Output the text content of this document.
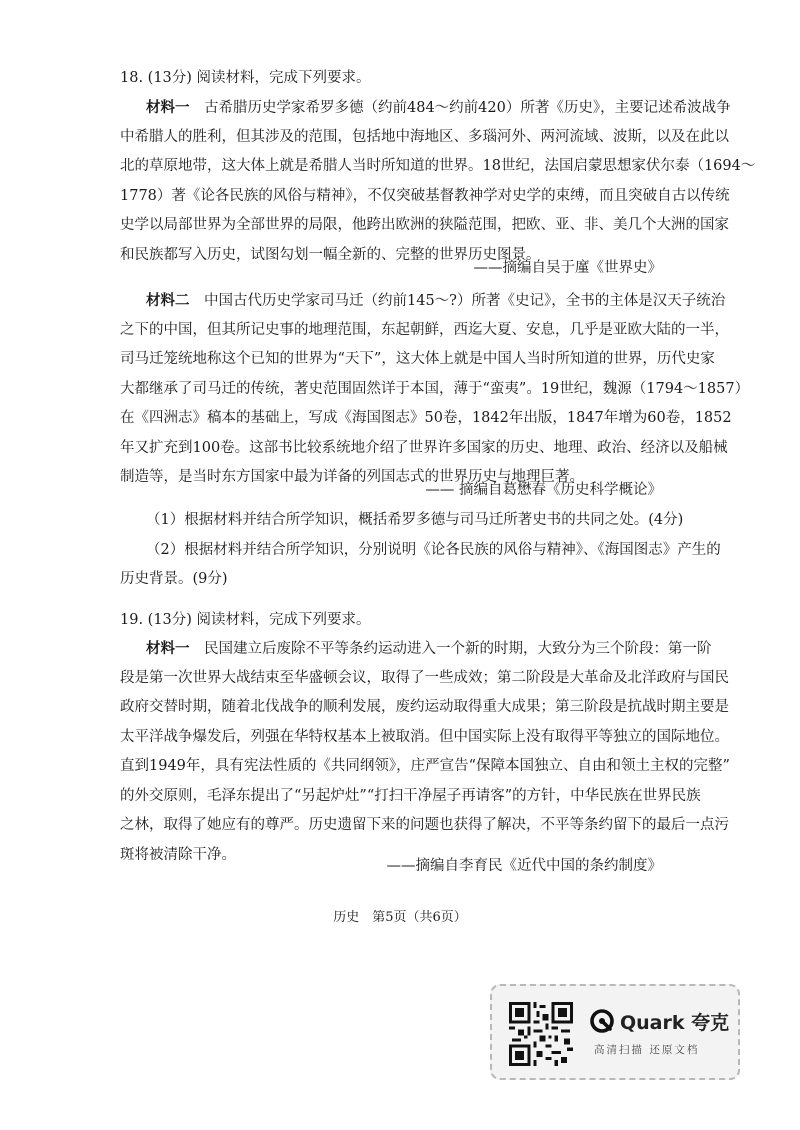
18. (13分) 阅读材料，完成下列要求。
材料一　 古希腊历史学家希罗多德（约前484～约前420）所著《历史》，主要记述希波战争
中希腊人的胜利，但其涉及的范围，包括地中海地区、多瑙河外、两河流域、波斯，以及在此以
北的草原地带，这大体上就是希腊人当时所知道的世界。18世纪，法国启蒙思想家伏尔泰（1694～
1778）著《论各民族的风俗与精神》，不仅突破基督教神学对史学的束缚，而且突破自古以传统
史学以局部世界为全部世界的局限，他跨出欧洲的狭隘范围，把欧、亚、非、美几个大洲的国家
和民族都写入历史，试图勾划一幅全新的、完整的世界历史图景。
——摘编自吴于廑《世界史》
材料二　 中国古代历史学家司马迁（约前145～?）所著《史记》，全书的主体是汉天子统治
之下的中国，但其所记史事的地理范围，东起朝鲜，西迄大夏、安息，几乎是亚欧大陆的一半，
司马迁笼统地称这个已知的世界为“天下”，这大体上就是中国人当时所知道的世界，历代史家
大都继承了司马迁的传统，著史范围固然详于本国，薄于“蛮夷”。19世纪，魏源（1794～1857）
在《四洲志》稿本的基础上，写成《海国图志》50卷，1842年出版，1847年增为60卷，1852
年又扩充到100卷。这部书比较系统地介绍了世界许多国家的历史、地理、政治、经济以及船械
制造等，是当时东方国家中最为详备的列国志式的世界历史与地理巨著。
—— 摘编自葛懋春《历史科学概论》
（1）根据材料并结合所学知识，概括希罗多德与司马迁所著史书的共同之处。(4分)
（2）根据材料并结合所学知识，分别说明《论各民族的风俗与精神》、《海国图志》产生的
历史背景。(9分)
19. (13分) 阅读材料，完成下列要求。
材料一　 民国建立后废除不平等条约运动进入一个新的时期，大致分为三个阶段：第一阶
段是第一次世界大战结束至华盛顿会议，取得了一些成效；第二阶段是大革命及北洋政府与国民
政府交替时期，随着北伐战争的顺利发展，废约运动取得重大成果；第三阶段是抗战时期主要是
太平洋战争爆发后，列强在华特权基本上被取消。但中国实际上没有取得平等独立的国际地位。
直到1949年，具有宪法性质的《共同纲领》，庄严宣告“保障本国独立、自由和领土主权的完整”
的外交原则，毛泽东提出了“另起炉灶”“打扫干净屋子再请客”的方针，中华民族在世界民族
之林，取得了她应有的尊严。历史遗留下来的问题也获得了解决，不平等条约留下的最后一点污
斑将被清除干净。
——摘编自李育民《近代中国的条约制度》
历史　第5页（共6页）
Quark 夸克
高清扫描 还原文档
